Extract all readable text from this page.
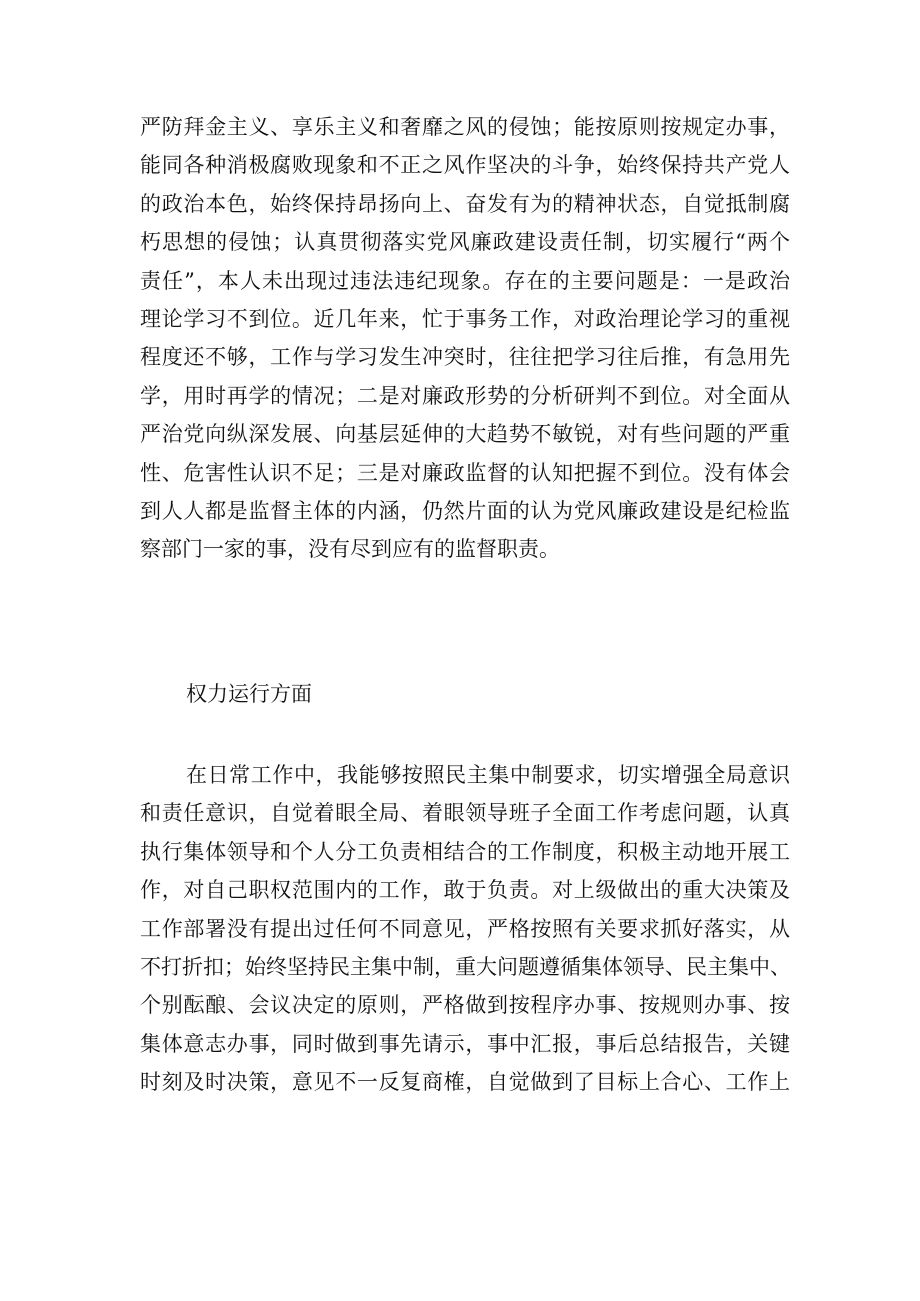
严防拜金主义、享乐主义和奢靡之风的侵蚀；能按原则按规定办事，
能同各种消极腐败现象和不正之风作坚决的斗争，始终保持共产党人
的政治本色，始终保持昂扬向上、奋发有为的精神状态，自觉抵制腐
朽思想的侵蚀；认真贯彻落实党风廉政建设责任制，切实履行“两个
责任”，本人未出现过违法违纪现象。存在的主要问题是：一是政治
理论学习不到位。近几年来，忙于事务工作，对政治理论学习的重视
程度还不够，工作与学习发生冲突时，往往把学习往后推，有急用先
学，用时再学的情况；二是对廉政形势的分析研判不到位。对全面从
严治党向纵深发展、向基层延伸的大趋势不敏锐，对有些问题的严重
性、危害性认识不足；三是对廉政监督的认知把握不到位。没有体会
到人人都是监督主体的内涵，仍然片面的认为党风廉政建设是纪检监
察部门一家的事，没有尽到应有的监督职责。
权力运行方面
在日常工作中，我能够按照民主集中制要求，切实增强全局意识
和责任意识，自觉着眼全局、着眼领导班子全面工作考虑问题，认真
执行集体领导和个人分工负责相结合的工作制度，积极主动地开展工
作，对自己职权范围内的工作，敢于负责。对上级做出的重大决策及
工作部署没有提出过任何不同意见，严格按照有关要求抓好落实，从
不打折扣；始终坚持民主集中制，重大问题遵循集体领导、民主集中、
个别酝酿、会议决定的原则，严格做到按程序办事、按规则办事、按
集体意志办事，同时做到事先请示，事中汇报，事后总结报告，关键
时刻及时决策，意见不一反复商榷，自觉做到了目标上合心、工作上
